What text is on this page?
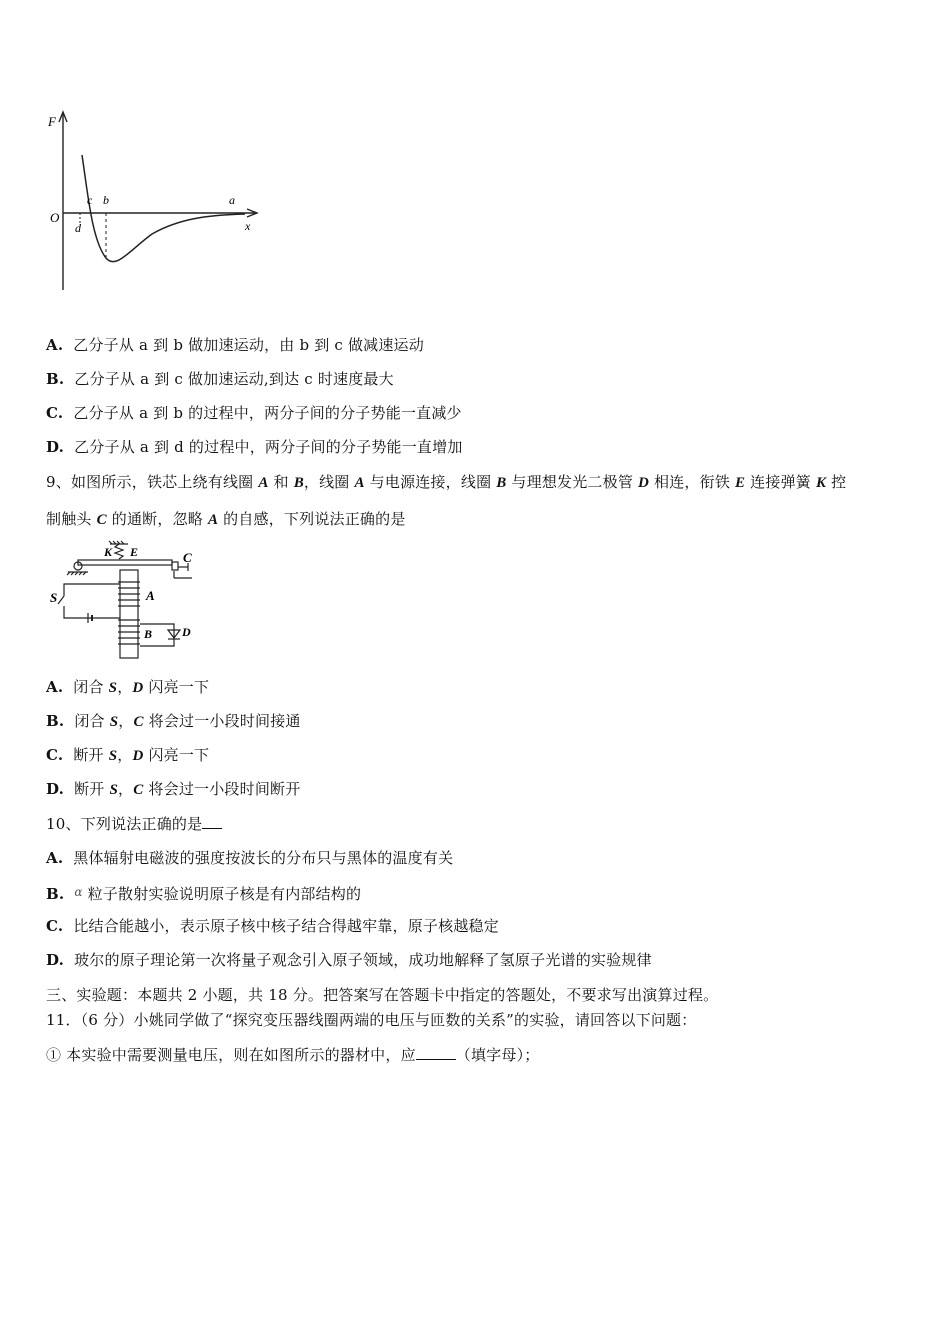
F
O
c b	a
d	x
A. 乙分子从 a 到 b 做加速运动，由 b 到 c 做减速运动
B. 乙分子从 a 到 c 做加速运动,到达 c 时速度最大
C. 乙分子从 a 到 b 的过程中，两分子间的分子势能一直减少
D. 乙分子从 a 到 d 的过程中，两分子间的分子势能一直增加
9、如图所示，铁芯上绕有线圈 A 和 B，线圈 A 与电源连接，线圈 B 与理想发光二极管 D 相连，衔铁 E 连接弹簧 K 控
制触头 C 的通断，忽略 A 的自感，下列说法正确的是
K E	C
S	A
B D
A. 闭合 S，D 闪亮一下
B. 闭合 S，C 将会过一小段时间接通
C. 断开 S，D 闪亮一下
D. 断开 S，C 将会过一小段时间断开
10、下列说法正确的是
A. 黑体辐射电磁波的强度按波长的分布只与黑体的温度有关
B. $^\alpha$ 粒子散射实验说明原子核是有内部结构的
C. 比结合能越小，表示原子核中核子结合得越牢靠，原子核越稳定
D. 玻尔的原子理论第一次将量子观念引入原子领域，成功地解释了氢原子光谱的实验规律
三、实验题：本题共 2 小题，共 18 分。把答案写在答题卡中指定的答题处，不要求写出演算过程。
11．（6 分）小姚同学做了“探究变压器线圈两端的电压与匝数的关系”的实验，请回答以下问题：
① 本实验中需要测量电压，则在如图所示的器材中，应	（填字母）；
